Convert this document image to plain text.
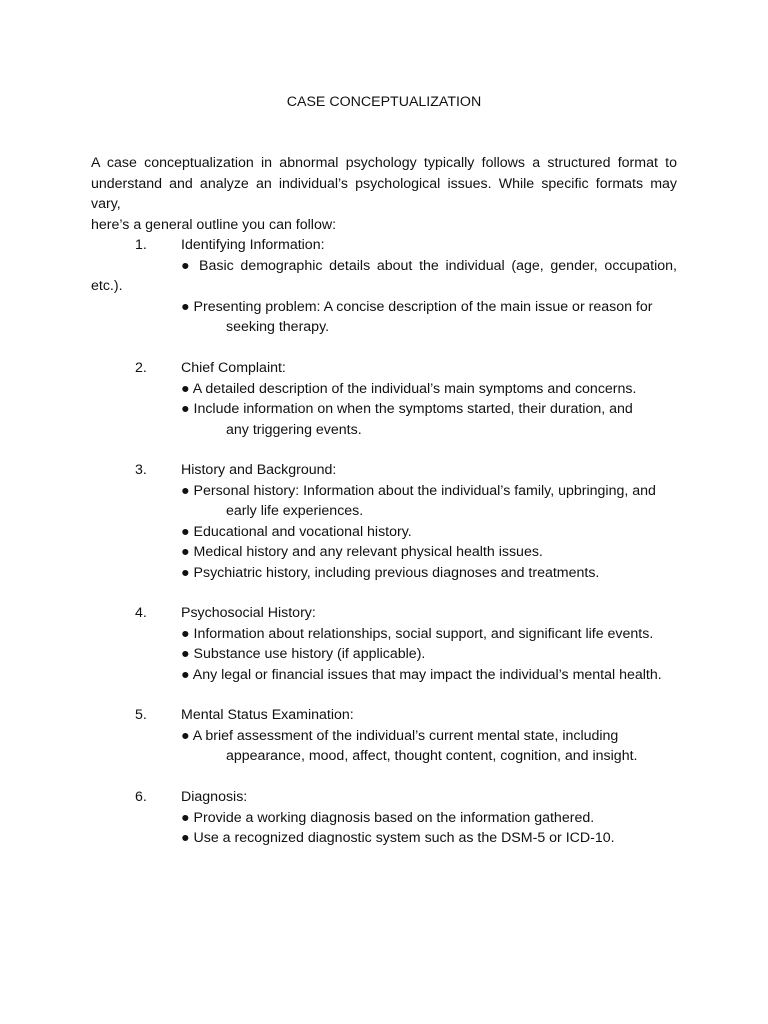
CASE CONCEPTUALIZATION
A case conceptualization in abnormal psychology typically follows a structured format to
understand and analyze an individual’s psychological issues. While specific formats may vary,
here’s a general outline you can follow:
1. Identifying Information:
● Basic demographic details about the individual (age, gender, occupation,
etc.).
● Presenting problem: A concise description of the main issue or reason for
seeking therapy.
2. Chief Complaint:
● A detailed description of the individual’s main symptoms and concerns.
● Include information on when the symptoms started, their duration, and
any triggering events.
3. History and Background:
● Personal history: Information about the individual’s family, upbringing, and
early life experiences.
● Educational and vocational history.
● Medical history and any relevant physical health issues.
● Psychiatric history, including previous diagnoses and treatments.
4. Psychosocial History:
● Information about relationships, social support, and significant life events.
● Substance use history (if applicable).
● Any legal or financial issues that may impact the individual’s mental health.
5. Mental Status Examination:
● A brief assessment of the individual’s current mental state, including
appearance, mood, affect, thought content, cognition, and insight.
6. Diagnosis:
● Provide a working diagnosis based on the information gathered.
● Use a recognized diagnostic system such as the DSM-5 or ICD-10.
